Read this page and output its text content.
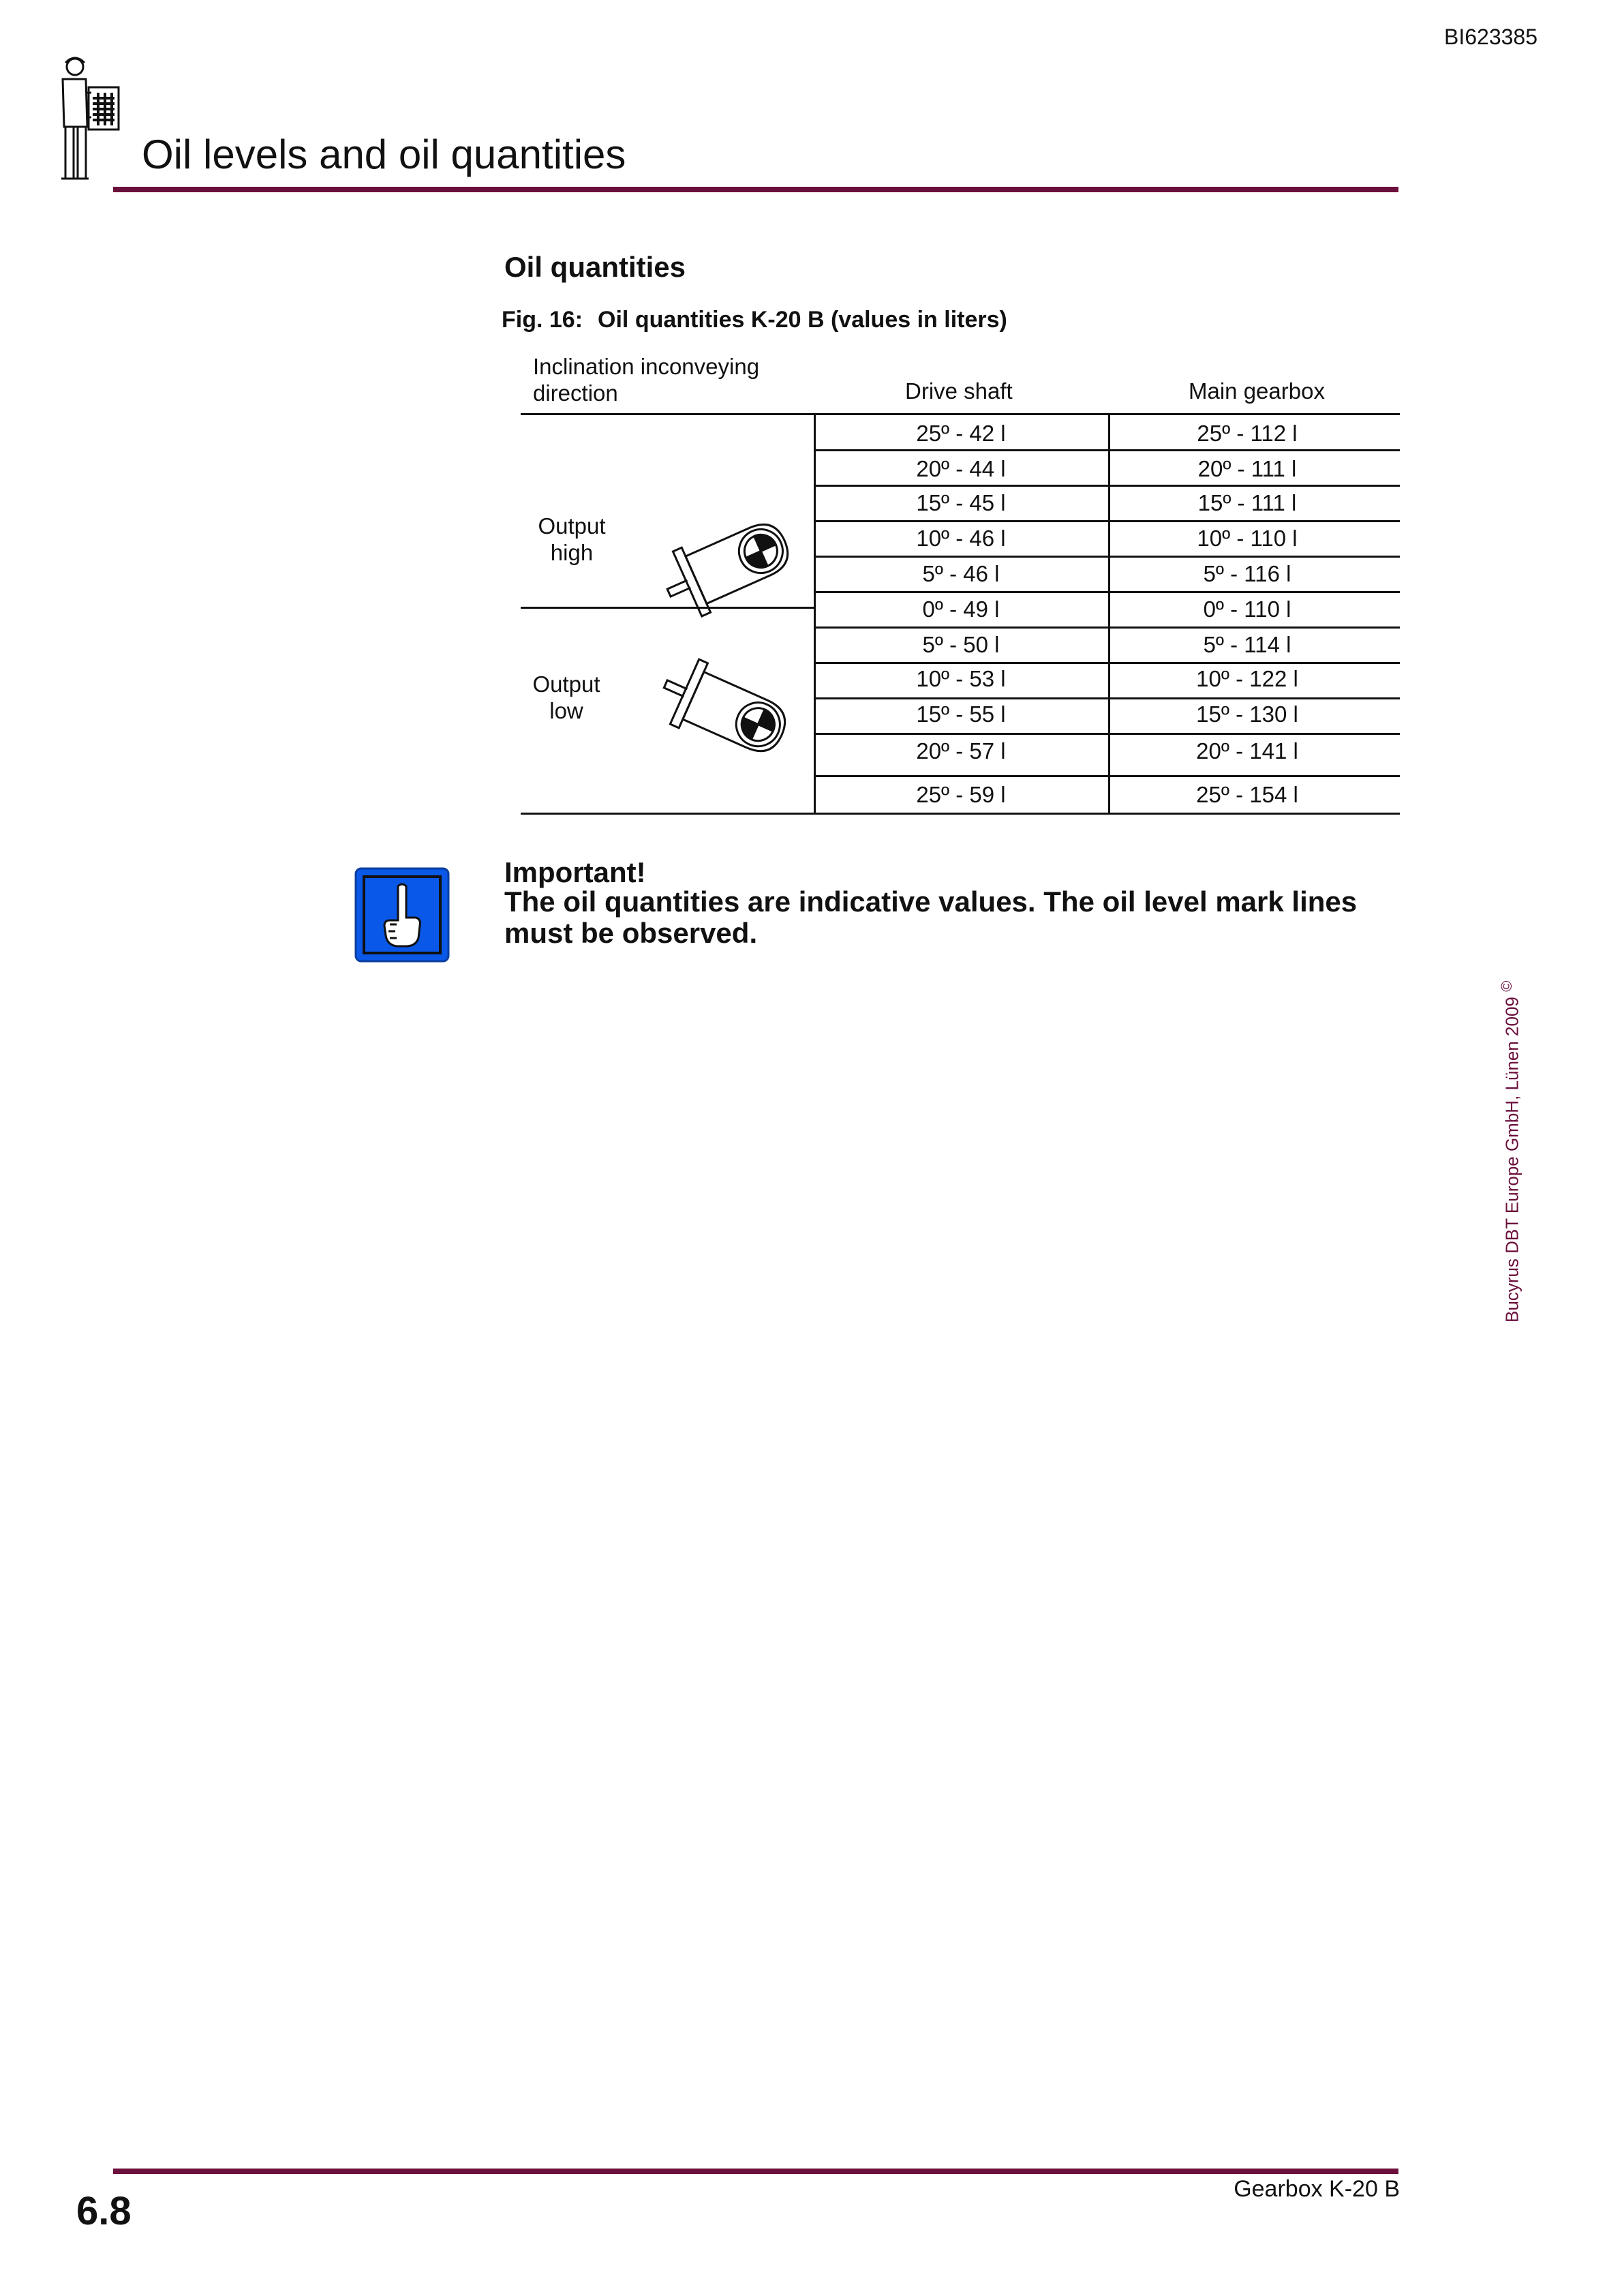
BI623385
Oil levels and oil quantities
Oil quantities
Fig. 16: Oil quantities K-20 B (values in liters)
Inclination inconveying direction	Drive shaft	Main gearbox
Output high
Output low
25º - 42 l	25º - 112 l
20º - 44 l	20º - 111 l
15º - 45 l	15º - 111 l
10º - 46 l	10º - 110 l
5º - 46 l	5º - 116 l
0º - 49 l	0º - 110 l
5º - 50 l	5º - 114 l
10º - 53 l	10º - 122 l
15º - 55 l	15º - 130 l
20º - 57 l	20º - 141 l
25º - 59 l	25º - 154 l
Important!
The oil quantities are indicative values. The oil level mark lines must be observed.
Bucyrus DBT Europe GmbH, Lünen 2009 ©
6.8	Gearbox K-20 B
